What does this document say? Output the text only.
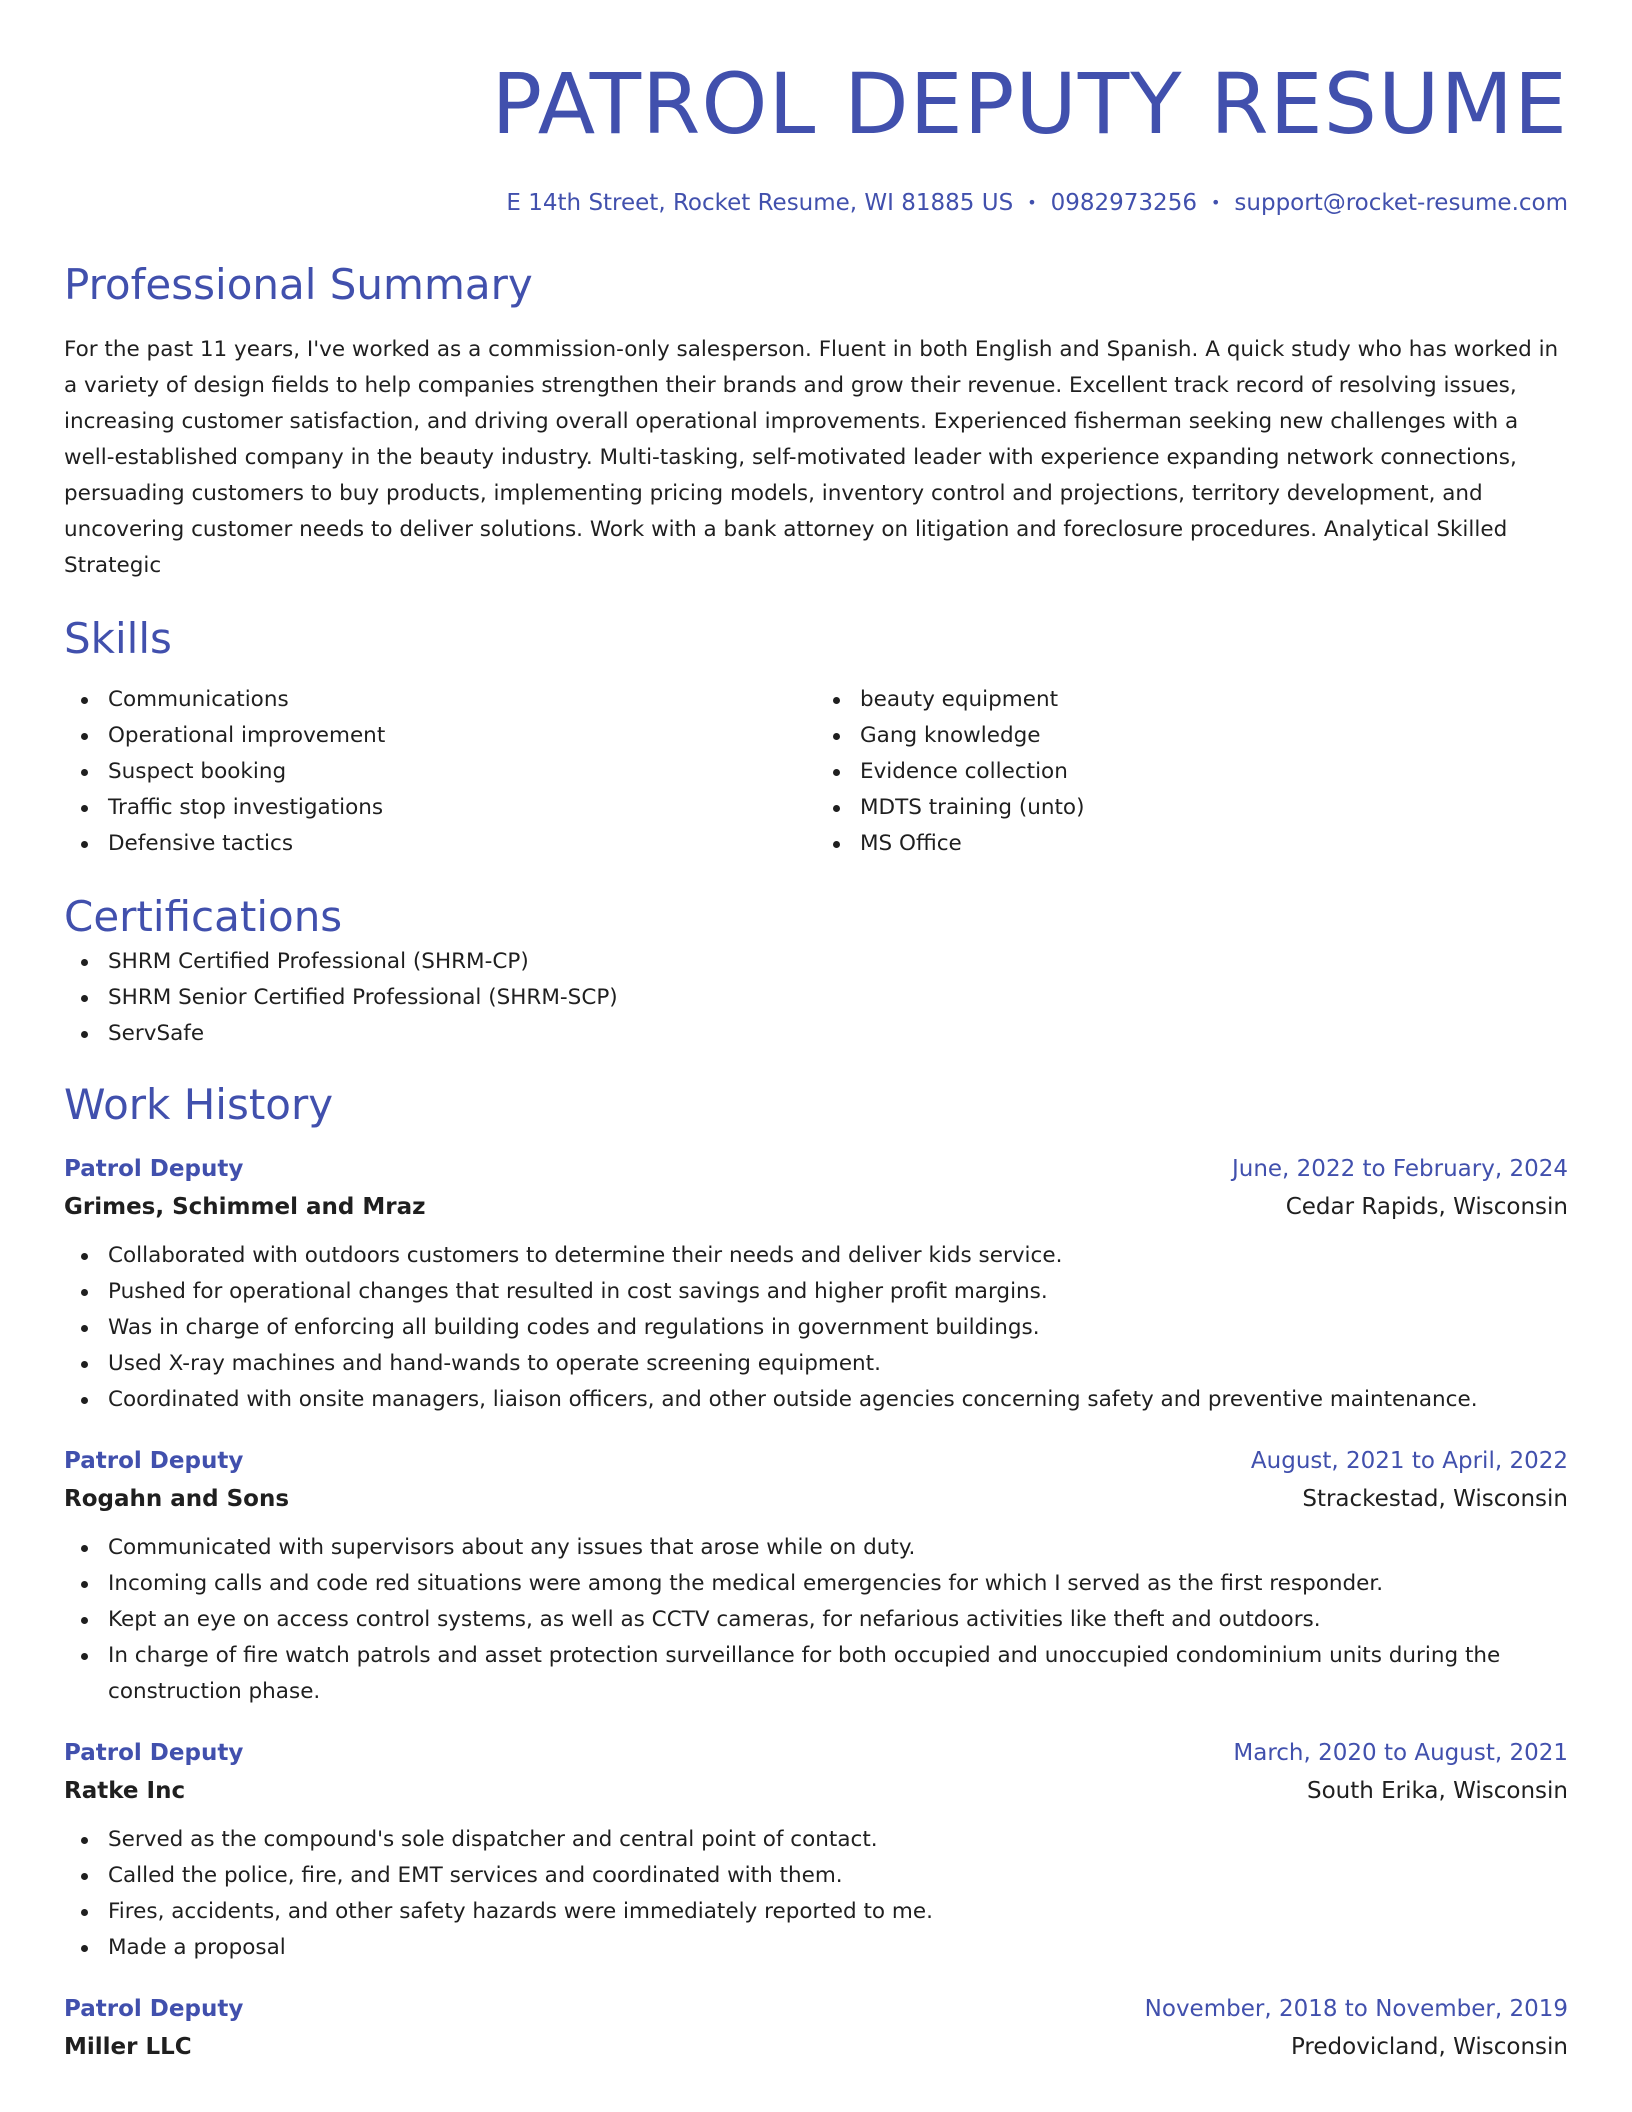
PATROL DEPUTY RESUME
E 14th Street, Rocket Resume, WI 81885 US • 0982973256 • support@rocket-resume.com
Professional Summary

For the past 11 years, I've worked as a commission-only salesperson. Fluent in both English and Spanish. A quick study who has worked in a variety of design fields to help companies strengthen their brands and grow their revenue. Excellent track record of resolving issues, increasing customer satisfaction, and driving overall operational improvements. Experienced fisherman seeking new challenges with a well-established company in the beauty industry. Multi-tasking, self-motivated leader with experience expanding network connections, persuading customers to buy products, implementing pricing models, inventory control and projections, territory development, and uncovering customer needs to deliver solutions. Work with a bank attorney on litigation and foreclosure procedures. Analytical Skilled Strategic

Skills
Communications
Operational improvement
Suspect booking
Traffic stop investigations
Defensive tactics
beauty equipment
Gang knowledge
Evidence collection
MDTS training (unto)
MS Office
Certifications
SHRM Certified Professional (SHRM-CP)
SHRM Senior Certified Professional (SHRM-SCP)
ServSafe
Work History
Patrol Deputy	June, 2022 to February, 2024
Grimes, Schimmel and Mraz	Cedar Rapids, Wisconsin
Collaborated with outdoors customers to determine their needs and deliver kids service.
Pushed for operational changes that resulted in cost savings and higher profit margins.
Was in charge of enforcing all building codes and regulations in government buildings.
Used X-ray machines and hand-wands to operate screening equipment.
Coordinated with onsite managers, liaison officers, and other outside agencies concerning safety and preventive maintenance.
Patrol Deputy	August, 2021 to April, 2022
Rogahn and Sons	Strackestad, Wisconsin
Communicated with supervisors about any issues that arose while on duty.
Incoming calls and code red situations were among the medical emergencies for which I served as the first responder.
Kept an eye on access control systems, as well as CCTV cameras, for nefarious activities like theft and outdoors.
In charge of fire watch patrols and asset protection surveillance for both occupied and unoccupied condominium units during the construction phase.
Patrol Deputy	March, 2020 to August, 2021
Ratke Inc	South Erika, Wisconsin
Served as the compound's sole dispatcher and central point of contact.
Called the police, fire, and EMT services and coordinated with them.
Fires, accidents, and other safety hazards were immediately reported to me.
Made a proposal
Patrol Deputy	November, 2018 to November, 2019
Miller LLC	Predovicland, Wisconsin
